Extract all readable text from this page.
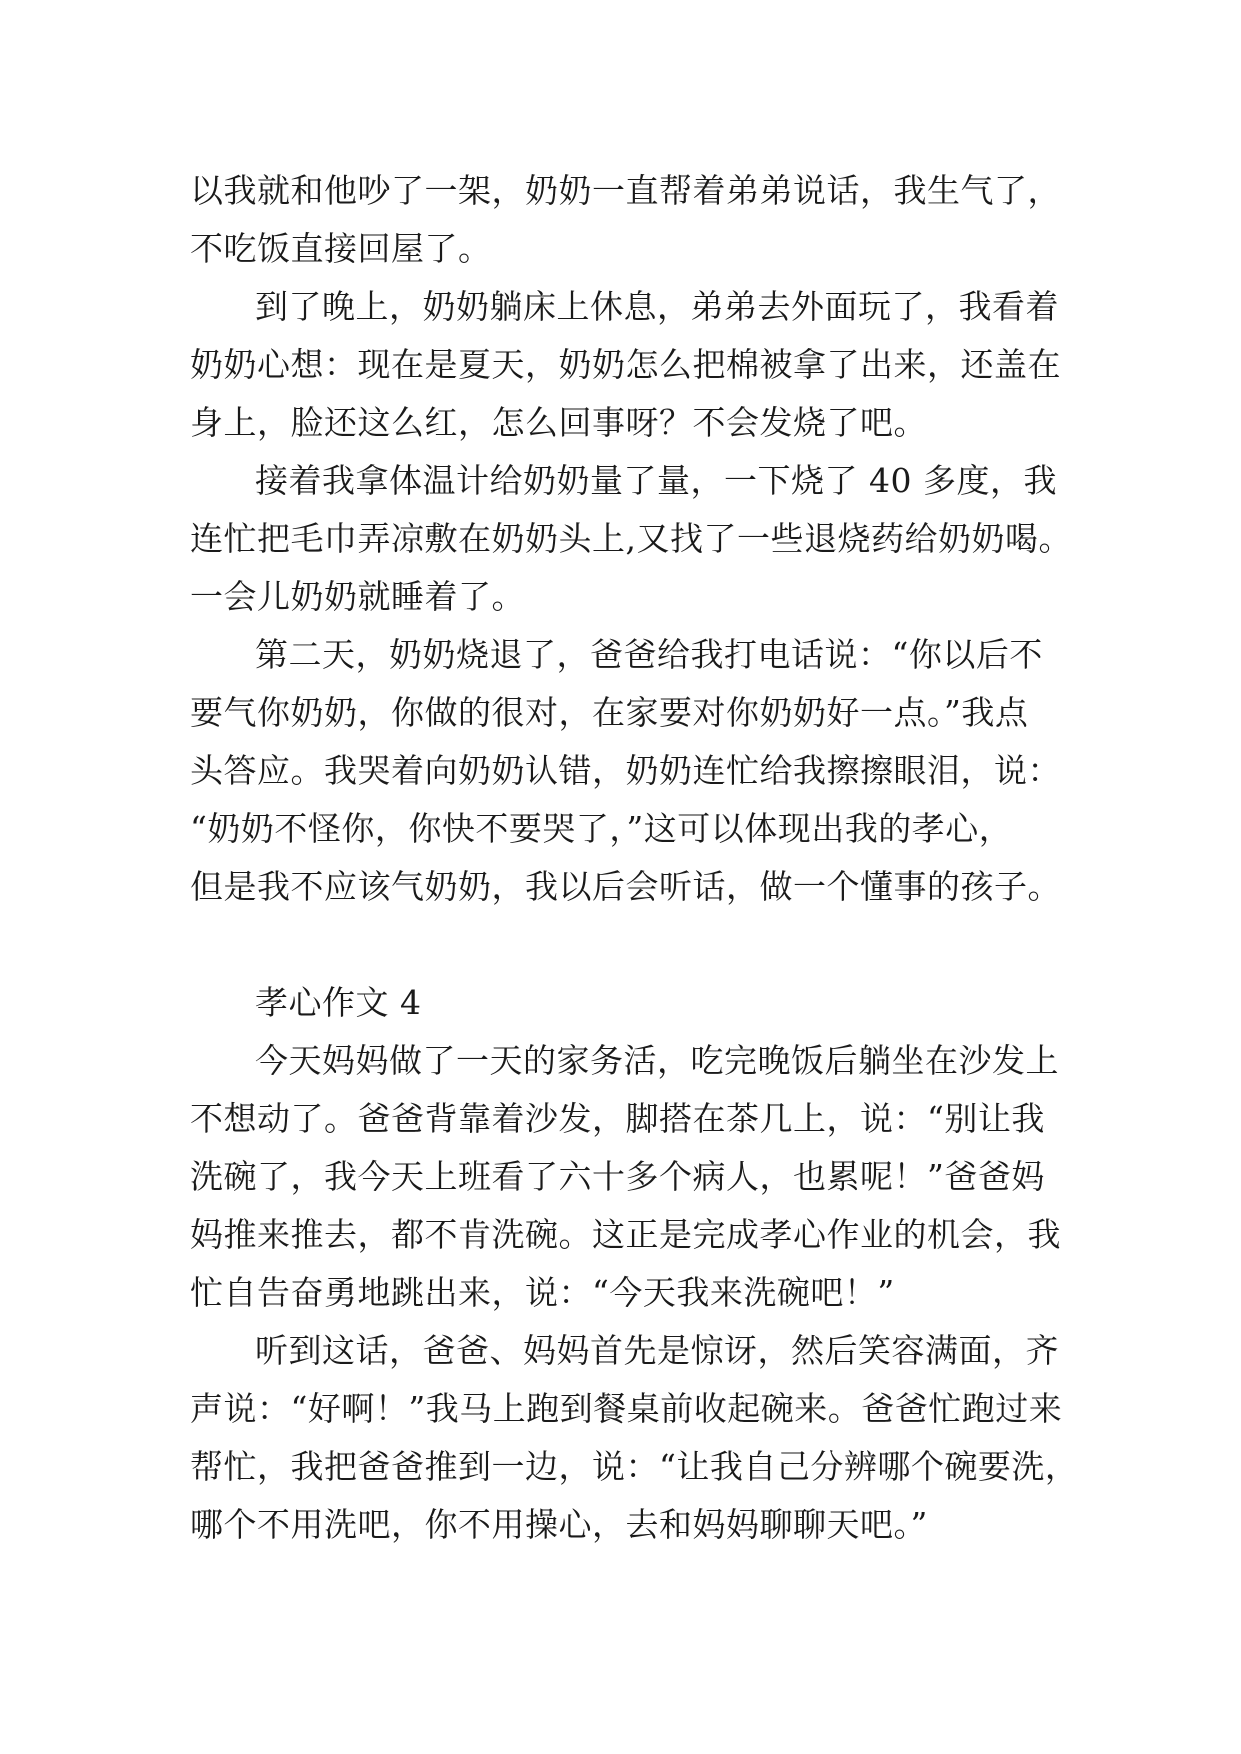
以我就和他吵了一架，奶奶一直帮着弟弟说话，我生气了，
不吃饭直接回屋了。
到了晚上，奶奶躺床上休息，弟弟去外面玩了，我看着
奶奶心想：现在是夏天，奶奶怎么把棉被拿了出来，还盖在
身上，脸还这么红，怎么回事呀？不会发烧了吧。
接着我拿体温计给奶奶量了量，一下烧了 40 多度，我
连忙把毛巾弄凉敷在奶奶头上,又找了一些退烧药给奶奶喝。
一会儿奶奶就睡着了。
第二天，奶奶烧退了，爸爸给我打电话说：“你以后不
要气你奶奶，你做的很对，在家要对你奶奶好一点。”我点
头答应。我哭着向奶奶认错，奶奶连忙给我擦擦眼泪，说：
“奶奶不怪你，你快不要哭了，”这可以体现出我的孝心，
但是我不应该气奶奶，我以后会听话，做一个懂事的孩子。
孝心作文 4
今天妈妈做了一天的家务活，吃完晚饭后躺坐在沙发上
不想动了。爸爸背靠着沙发，脚搭在茶几上，说：“别让我
洗碗了，我今天上班看了六十多个病人，也累呢！”爸爸妈
妈推来推去，都不肯洗碗。这正是完成孝心作业的机会，我
忙自告奋勇地跳出来，说：“今天我来洗碗吧！”
听到这话，爸爸、妈妈首先是惊讶，然后笑容满面，齐
声说：“好啊！”我马上跑到餐桌前收起碗来。爸爸忙跑过来
帮忙，我把爸爸推到一边，说：“让我自己分辨哪个碗要洗，
哪个不用洗吧，你不用操心，去和妈妈聊聊天吧。”
